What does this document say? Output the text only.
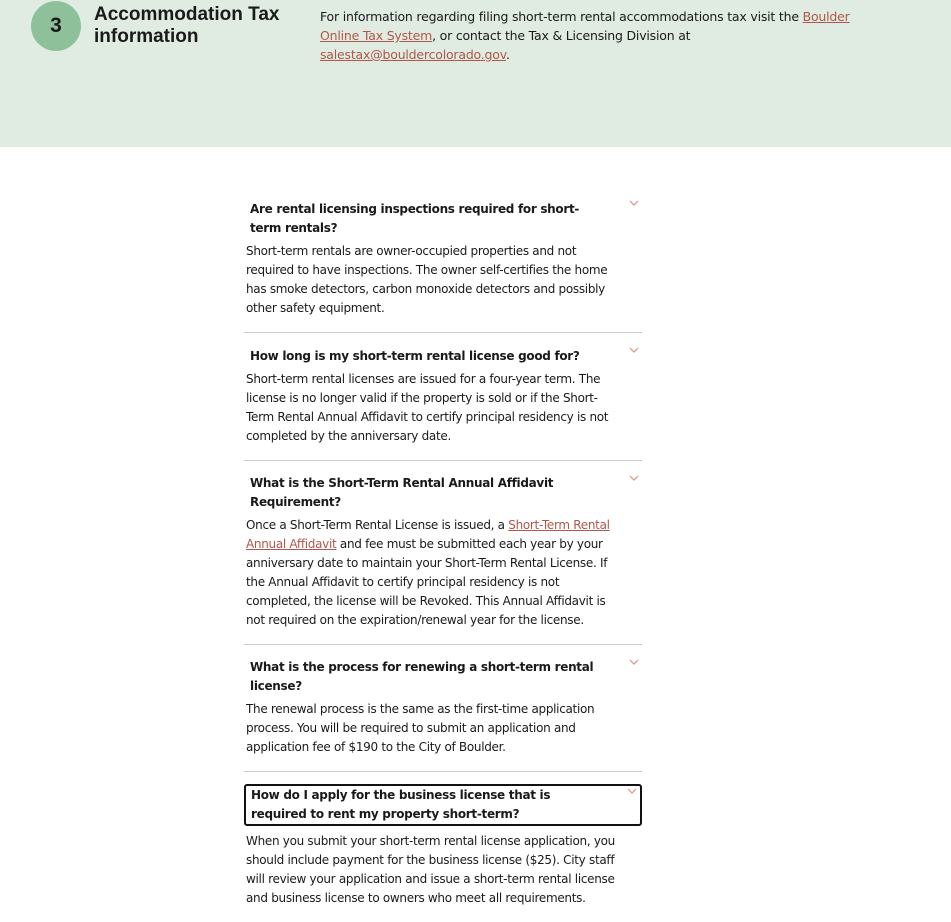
3	Accommodation Tax information

For information regarding filing short-term rental accommodations tax visit the Boulder Online Tax System, or contact the Tax & Licensing Division at salestax@bouldercolorado.gov.

Are rental licensing inspections required for short-term rentals?
Short-term rentals are owner-occupied properties and not required to have inspections. The owner self-certifies the home has smoke detectors, carbon monoxide detectors and possibly other safety equipment.
How long is my short-term rental license good for?
Short-term rental licenses are issued for a four-year term. The license is no longer valid if the property is sold or if the Short-Term Rental Annual Affidavit to certify principal residency is not completed by the anniversary date.
What is the Short-Term Rental Annual Affidavit Requirement?
Once a Short-Term Rental License is issued, a Short-Term Rental Annual Affidavit and fee must be submitted each year by your anniversary date to maintain your Short-Term Rental License. If the Annual Affidavit to certify principal residency is not completed, the license will be Revoked. This Annual Affidavit is not required on the expiration/renewal year for the license.
What is the process for renewing a short-term rental license?
The renewal process is the same as the first-time application process. You will be required to submit an application and application fee of $190 to the City of Boulder.
How do I apply for the business license that is required to rent my property short-term?
When you submit your short-term rental license application, you should include payment for the business license ($25). City staff will review your application and issue a short-term rental license and business license to owners who meet all requirements.
